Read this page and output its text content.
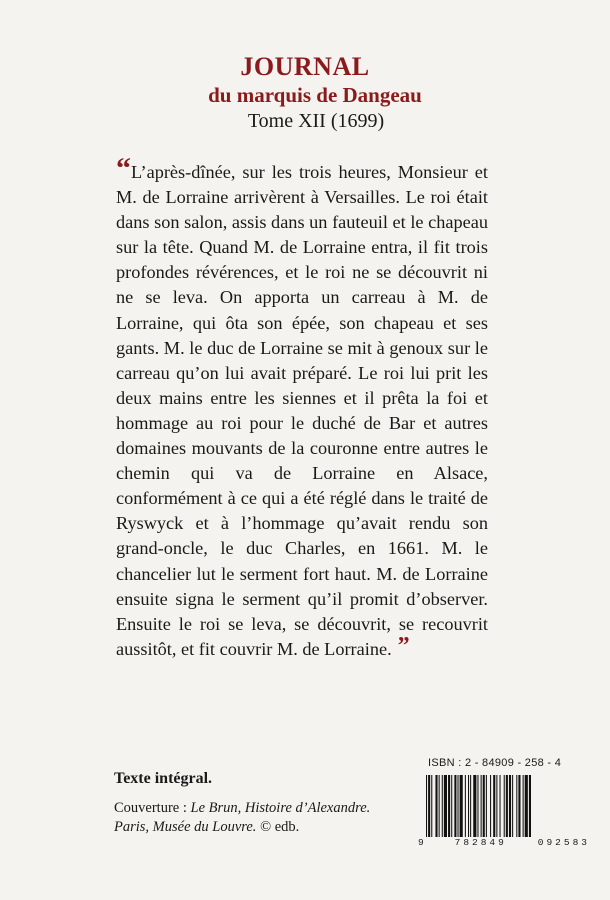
JOURNAL
du marquis de Dangeau
Tome XII (1699)

“L’après-dînée, sur les trois heures, Monsieur et M. de Lorraine arrivèrent à Versailles. Le roi était dans son salon, assis dans un fauteuil et le chapeau sur la tête. Quand M. de Lorraine entra, il fit trois profondes révérences, et le roi ne se découvrit ni ne se leva. On apporta un carreau à M. de Lorraine, qui ôta son épée, son chapeau et ses gants. M. le duc de Lorraine se mit à genoux sur le carreau qu’on lui avait préparé. Le roi lui prit les deux mains entre les siennes et il prêta la foi et hommage au roi pour le duché de Bar et autres domaines mouvants de la couronne entre autres le chemin qui va de Lorraine en Alsace, conformément à ce qui a été réglé dans le traité de Ryswyck et à l’hommage qu’avait rendu son grand-oncle, le duc Charles, en 1661. M. le chancelier lut le serment fort haut. M. de Lorraine ensuite signa le serment qu’il promit d’observer. Ensuite le roi se leva, se découvrit, se recouvrit aussitôt, et fit couvrir M. de Lorraine. ”

Texte intégral.
Couverture : Le Brun, Histoire d’Alexandre.
Paris, Musée du Louvre. © edb.
ISBN : 2 - 84909 - 258 - 4
9	782849	092583
